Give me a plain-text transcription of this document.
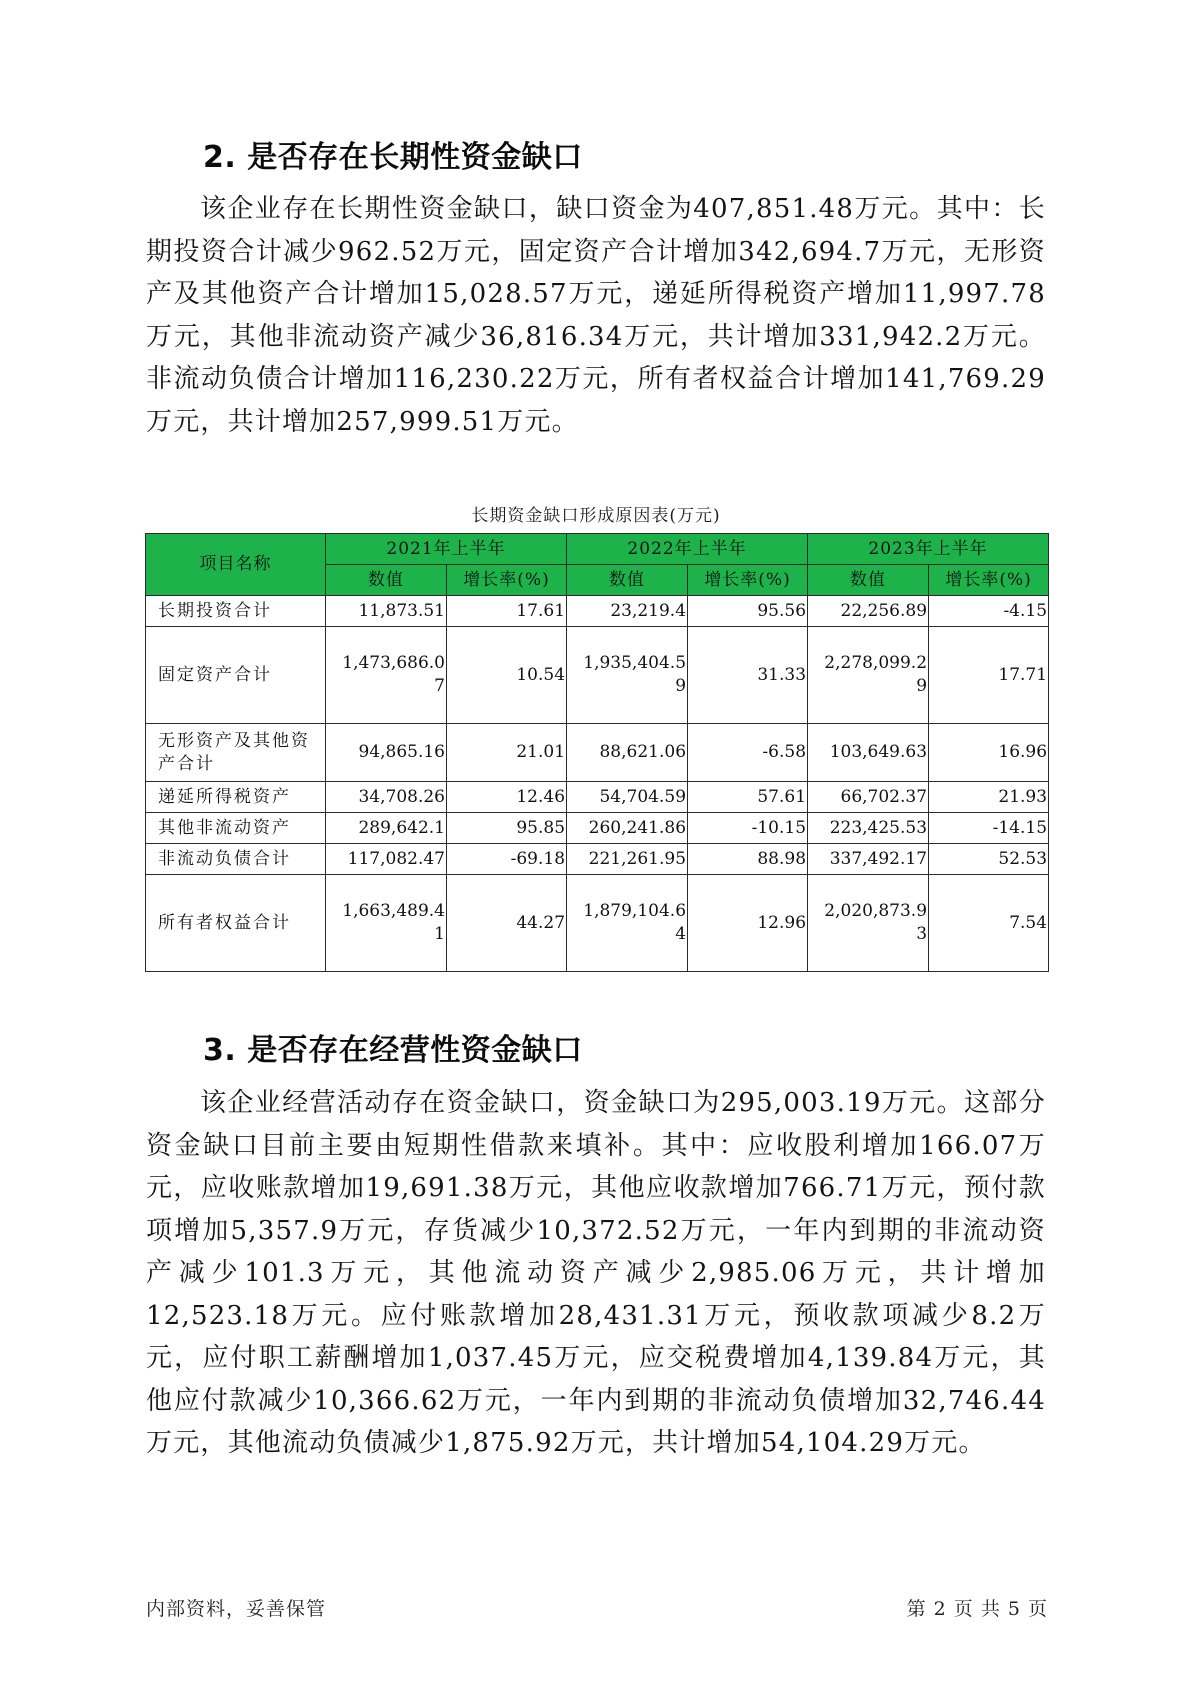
2. 是否存在长期性资金缺口

该企业存在长期性资金缺口，缺口资金为407,851.48万元。其中：长期投资合计减少962.52万元，固定资产合计增加342,694.7万元，无形资产及其他资产合计增加15,028.57万元，递延所得税资产增加11,997.78万元，其他非流动资产减少36,816.34万元，共计增加331,942.2万元。非流动负债合计增加116,230.22万元，所有者权益合计增加141,769.29万元，共计增加257,999.51万元。

长期资金缺口形成原因表(万元)
项目名称	2021年上半年		2022年上半年		2023年上半年	
	数值	增长率(%)	数值	增长率(%)	数值	增长率(%)
长期投资合计	11,873.51	17.61	23,219.4	95.56	22,256.89	-4.15
固定资产合计	1,473,686.07	10.54	1,935,404.59	31.33	2,278,099.29	17.71
无形资产及其他资产合计	94,865.16	21.01	88,621.06	-6.58	103,649.63	16.96
递延所得税资产	34,708.26	12.46	54,704.59	57.61	66,702.37	21.93
其他非流动资产	289,642.1	95.85	260,241.86	-10.15	223,425.53	-14.15
非流动负债合计	117,082.47	-69.18	221,261.95	88.98	337,492.17	52.53
所有者权益合计	1,663,489.41	44.27	1,879,104.64	12.96	2,020,873.93	7.54
3. 是否存在经营性资金缺口

该企业经营活动存在资金缺口，资金缺口为295,003.19万元。这部分资金缺口目前主要由短期性借款来填补。其中：应收股利增加166.07万元，应收账款增加19,691.38万元，其他应收款增加766.71万元，预付款项增加5,357.9万元，存货减少10,372.52万元，一年内到期的非流动资产减少101.3万元，其他流动资产减少2,985.06万元，共计增加12,523.18万元。应付账款增加28,431.31万元，预收款项减少8.2万元，应付职工薪酬增加1,037.45万元，应交税费增加4,139.84万元，其他应付款减少10,366.62万元，一年内到期的非流动负债增加32,746.44万元，其他流动负债减少1,875.92万元，共计增加54,104.29万元。

内部资料，妥善保管	第 2 页 共 5 页
